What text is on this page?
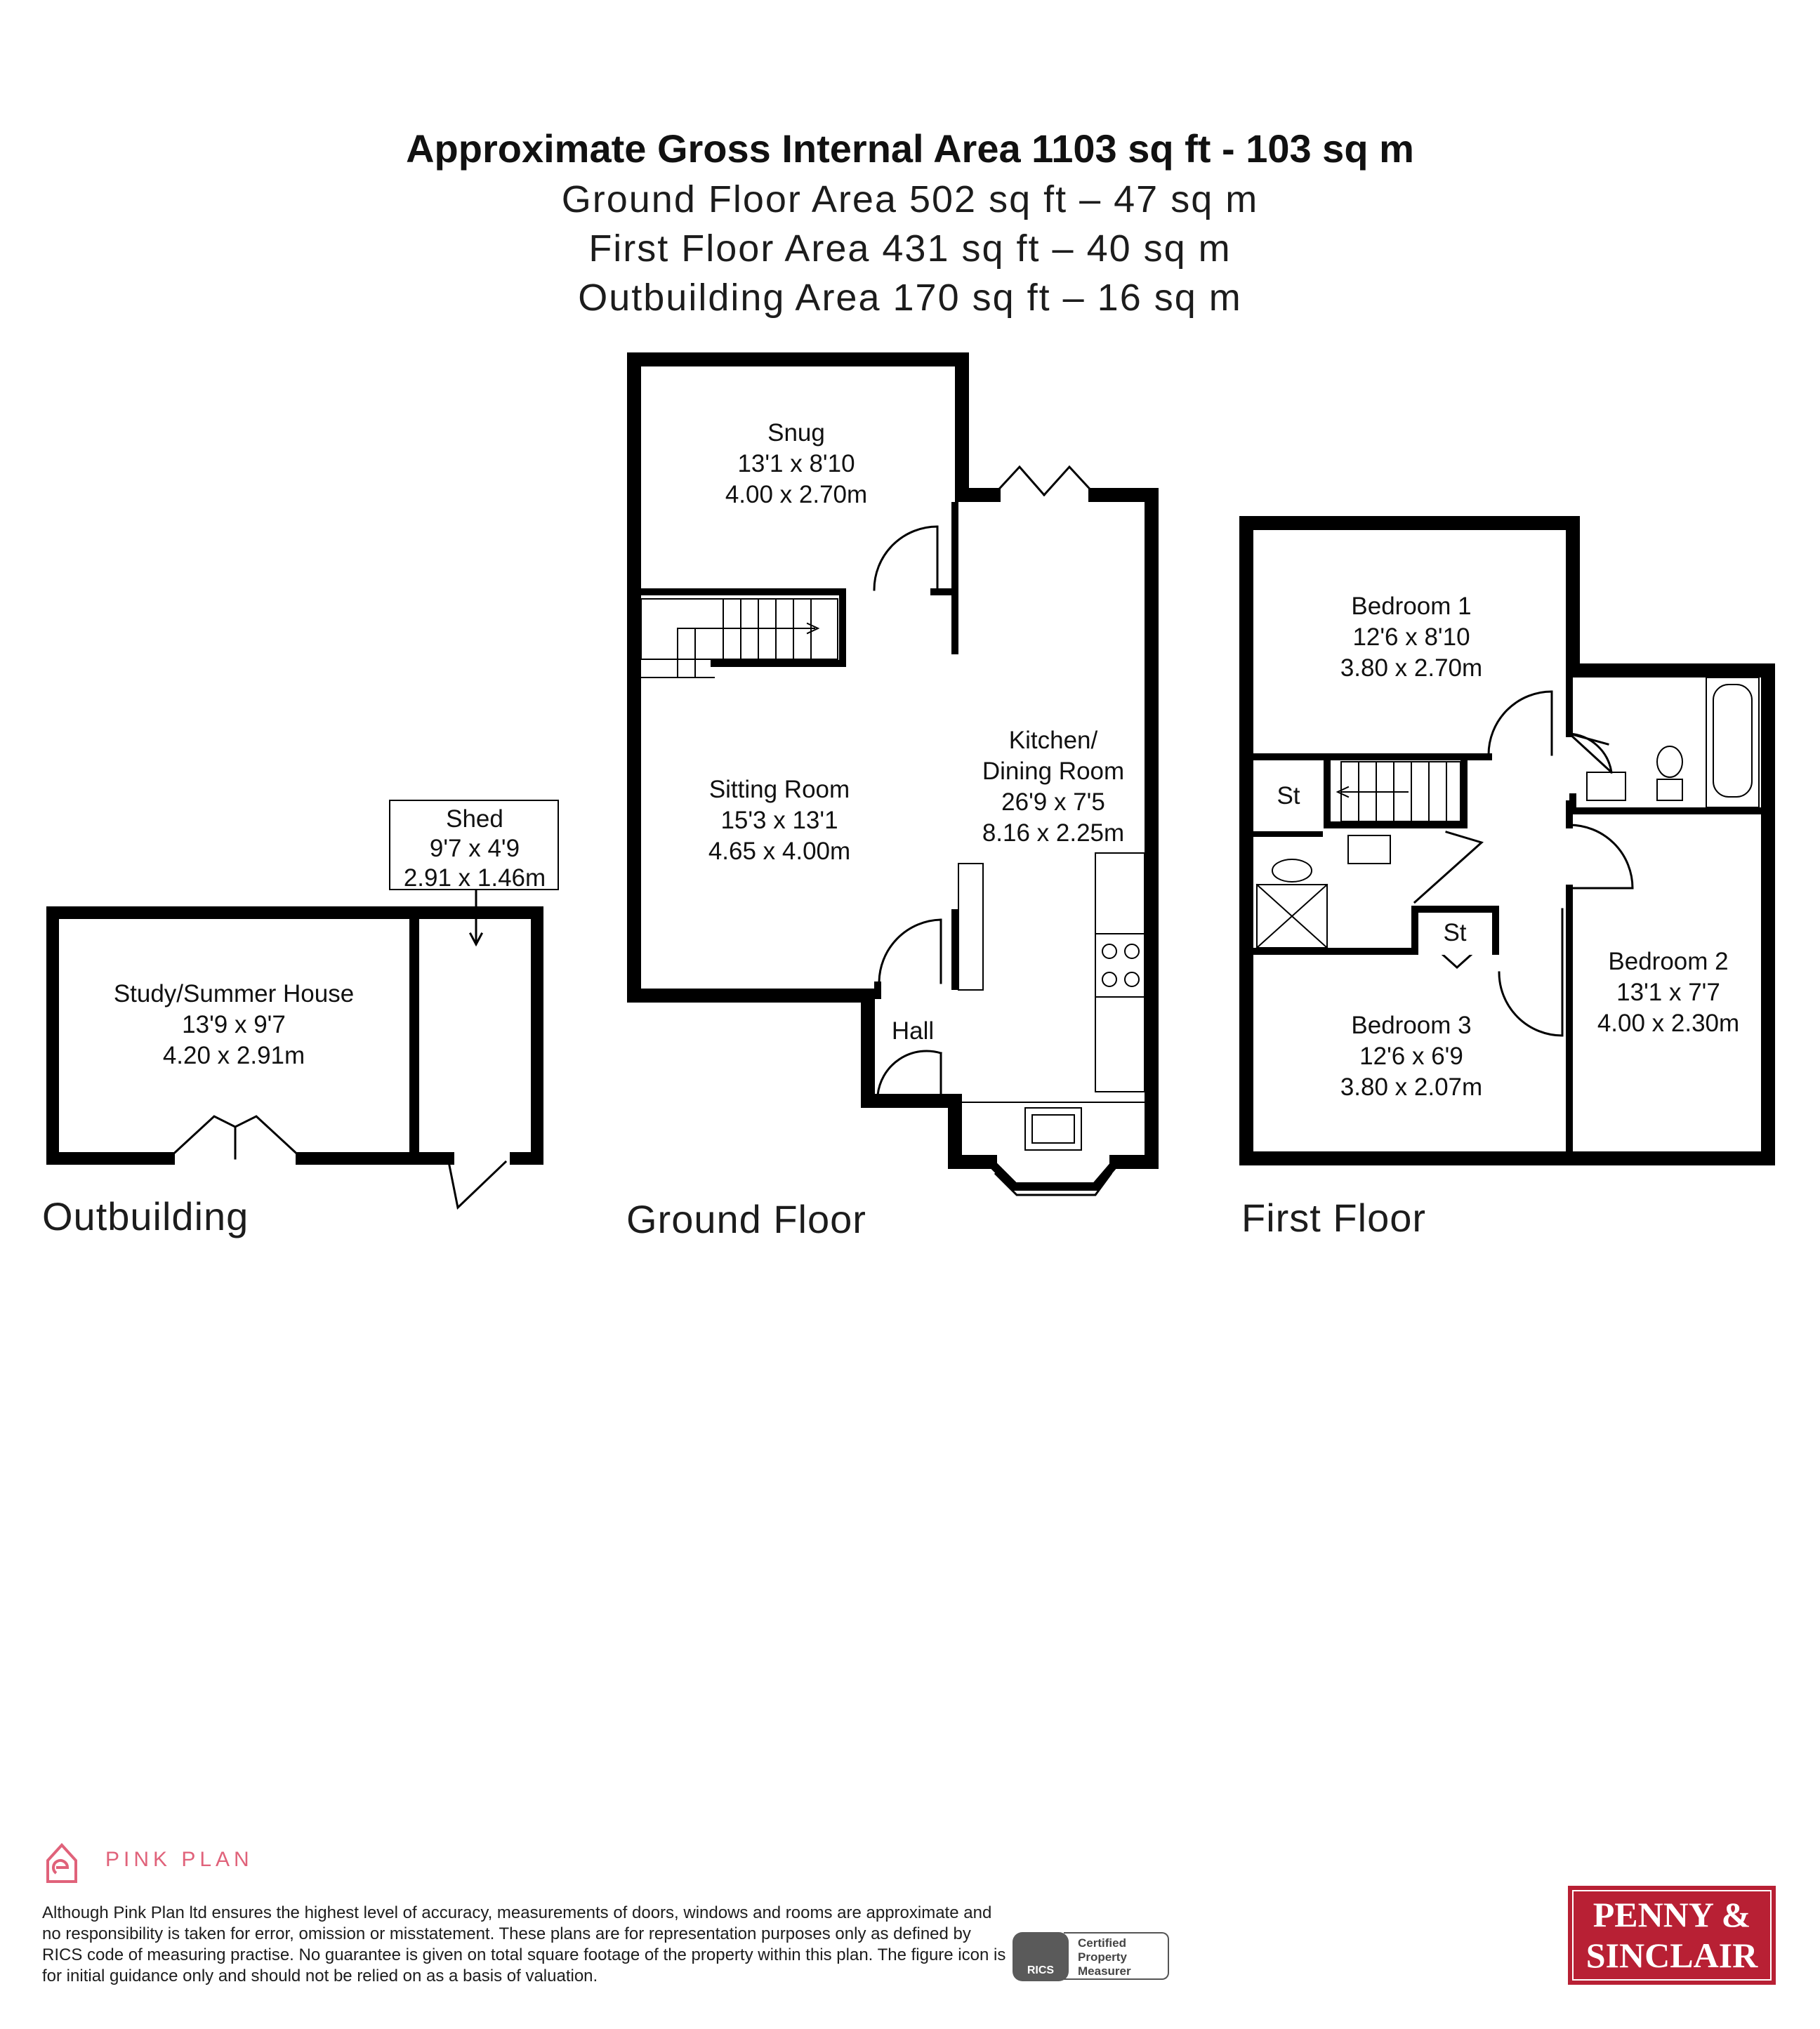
Approximate Gross Internal Area 1103 sq ft - 103 sq m
Ground Floor Area 502 sq ft – 47 sq m
First Floor Area 431 sq ft – 40 sq m
Outbuilding Area 170 sq ft – 16 sq m
Snug
13'1 x 8'10
4.00 x 2.70m
Sitting Room
15'3 x 13'1
4.65 x 4.00m
Kitchen/
Dining Room
26'9 x 7'5
8.16 x 2.25m
Hall
Shed
9'7 x 4'9
2.91 x 1.46m
Study/Summer House
13'9 x 9'7
4.20 x 2.91m
Bedroom 1
12'6 x 8'10
3.80 x 2.70m
Bedroom 2
13'1 x 7'7
4.00 x 2.30m
Bedroom 3
12'6 x 6'9
3.80 x 2.07m
St
St
Outbuilding	Ground Floor	First Floor
PINK PLAN
Although Pink Plan ltd ensures the highest level of accuracy, measurements of doors, windows and rooms are approximate and no responsibility is taken for error, omission or misstatement. These plans are for representation purposes only as defined by RICS code of measuring practise. No guarantee is given on total square footage of the property within this plan. The figure icon is for initial guidance only and should not be relied on as a basis of valuation.	RICS
Certified
Property
Measurer
PENNY &
SINCLAIR
